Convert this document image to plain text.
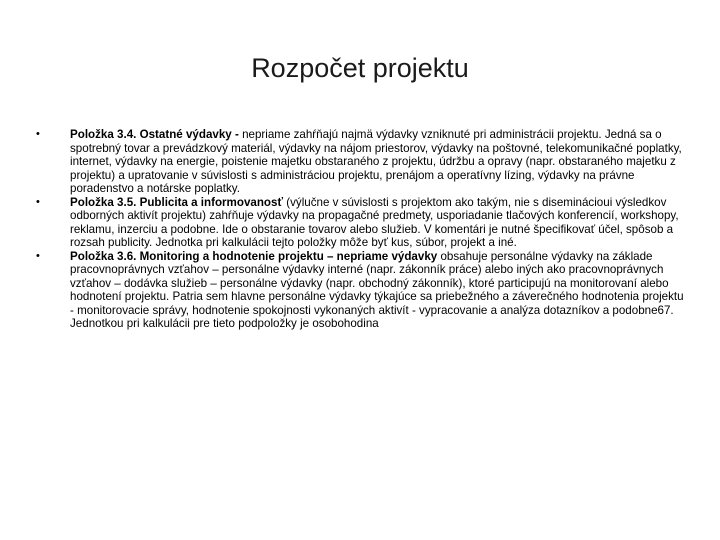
Rozpočet projektu
•	Položka 3.4. Ostatné výdavky - nepriame zahŕňajú najmä výdavky vzniknuté pri administrácii projektu. Jedná sa o spotrebný tovar a prevádzkový materiál, výdavky na nájom priestorov, výdavky na poštovné, telekomunikačné poplatky, internet, výdavky na energie, poistenie majetku obstaraného z projektu, údržbu a opravy (napr. obstaraného majetku z projektu) a upratovanie v súvislosti s administráciou projektu, prenájom a operatívny lízing, výdavky na právne poradenstvo a notárske poplatky.
•	Položka 3.5. Publicita a informovanosť (výlučne v súvislosti s projektom ako takým, nie s diseminácioui výsledkov odborných aktivít projektu) zahŕňuje výdavky na propagačné predmety, usporiadanie tlačových konferencií, workshopy, reklamu, inzerciu a podobne. Ide o obstaranie tovarov alebo služieb. V komentári je nutné špecifikovať účel, spôsob a rozsah publicity. Jednotka pri kalkulácii tejto položky môže byť kus, súbor, projekt a iné.
•	Položka 3.6. Monitoring a hodnotenie projektu – nepriame výdavky obsahuje personálne výdavky na základe pracovnoprávnych vzťahov – personálne výdavky interné (napr. zákonník práce) alebo iných ako pracovnoprávnych vzťahov – dodávka služieb – personálne výdavky (napr. obchodný zákonník), ktoré participujú na monitorovaní alebo hodnotení projektu. Patria sem hlavne personálne výdavky týkajúce sa priebežného a záverečného hodnotenia projektu - monitorovacie správy, hodnotenie spokojnosti vykonaných aktivít - vypracovanie a analýza dotazníkov a podobne67. Jednotkou pri kalkulácii pre tieto podpoložky je osobohodina
